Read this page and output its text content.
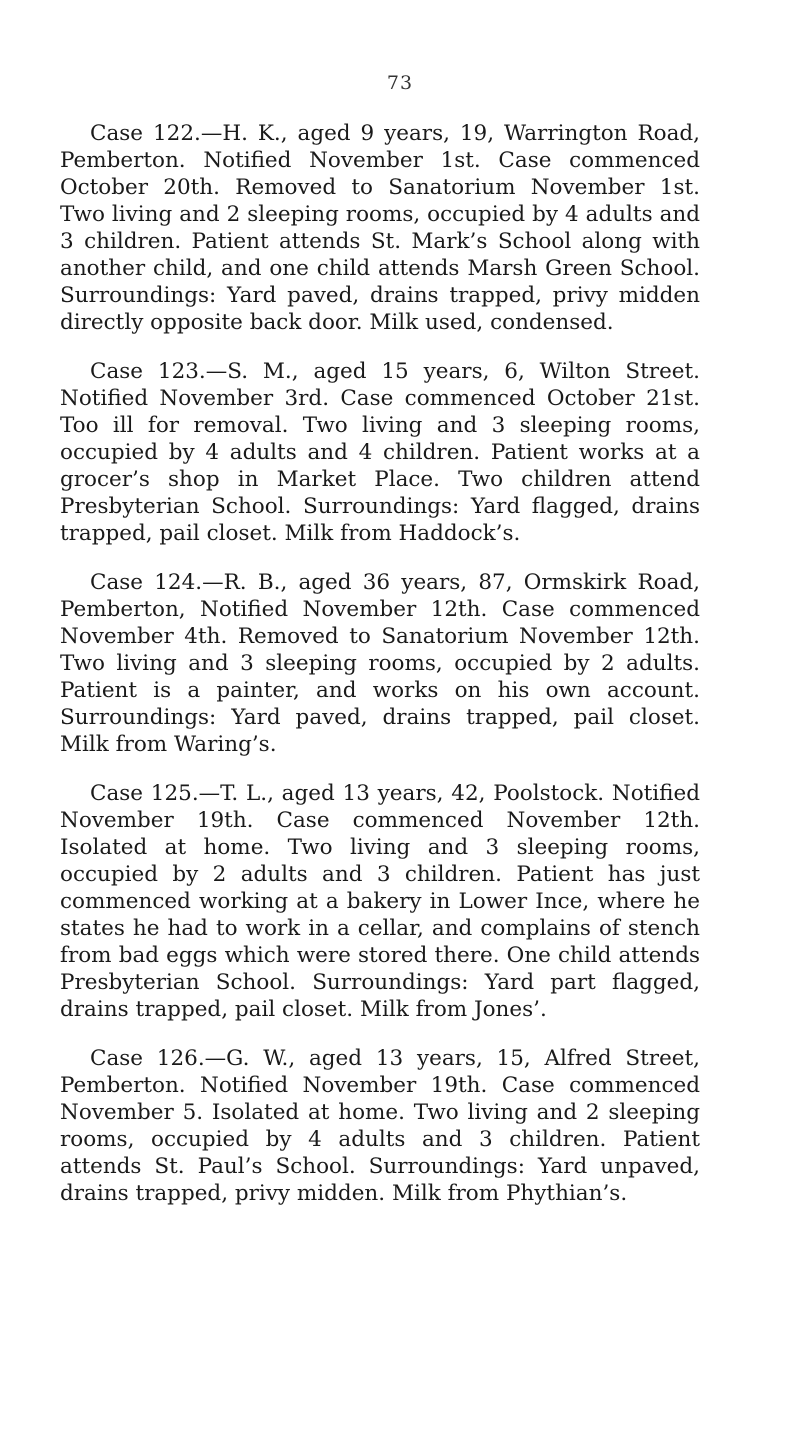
73

Case 122.—H. K., aged 9 years, 19, Warrington Road, Pemberton. Notified November 1st. Case commenced October 20th. Removed to Sanatorium November 1st. Two living and 2 sleeping rooms, occupied by 4 adults and 3 children. Patient attends St. Mark’s School along with another child, and one child attends Marsh Green School. Surroundings: Yard paved, drains trapped, privy midden directly opposite back door. Milk used, condensed.

Case 123.—S. M., aged 15 years, 6, Wilton Street. Notified November 3rd. Case commenced October 21st. Too ill for removal. Two living and 3 sleeping rooms, occupied by 4 adults and 4 children. Patient works at a grocer’s shop in Market Place. Two children attend Presbyterian School. Surroundings: Yard flagged, drains trapped, pail closet. Milk from Haddock’s.

Case 124.—R. B., aged 36 years, 87, Ormskirk Road, Pemberton, Notified November 12th. Case commenced November 4th. Removed to Sanatorium November 12th. Two living and 3 sleeping rooms, occupied by 2 adults. Patient is a painter, and works on his own account. Surroundings: Yard paved, drains trapped, pail closet. Milk from Waring’s.

Case 125.—T. L., aged 13 years, 42, Poolstock. Notified November 19th. Case commenced November 12th. Isolated at home. Two living and 3 sleeping rooms, occupied by 2 adults and 3 children. Patient has just commenced working at a bakery in Lower Ince, where he states he had to work in a cellar, and complains of stench from bad eggs which were stored there. One child attends Presbyterian School. Surroundings: Yard part flagged, drains trapped, pail closet. Milk from Jones’.

Case 126.—G. W., aged 13 years, 15, Alfred Street, Pemberton. Notified November 19th. Case commenced November 5. Isolated at home. Two living and 2 sleeping rooms, occupied by 4 adults and 3 children. Patient attends St. Paul’s School. Surroundings: Yard unpaved, drains trapped, privy midden. Milk from Phythian’s.
